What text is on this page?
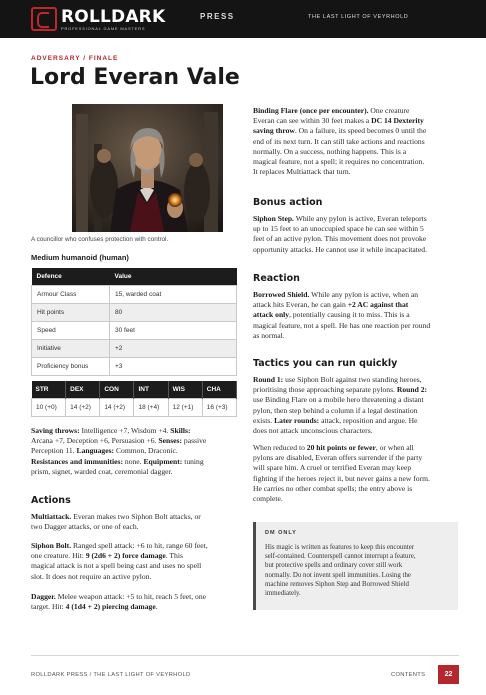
ROLLDARK
PROFESSIONAL GAME MASTERS
PRESS	THE LAST LIGHT OF VEYRHOLD
ADVERSARY / FINALE
Lord Everan Vale
A councillor who confuses protection with control.
Medium humanoid (human)
Defence	Value
Armour Class	15, warded coat
Hit points	80
Speed	30 feet
Initiative	+2
Proficiency bonus	+3
STR	DEX	CON	INT	WIS	CHA
10 (+0)	14 (+2)	14 (+2)	18 (+4)	12 (+1)	16 (+3)
Saving throws: Intelligence +7, Wisdom +4. Skills:
Arcana +7, Deception +6, Persuasion +6. Senses: passive
Perception 11. Languages: Common, Draconic.
Resistances and immunities: none. Equipment: tuning
prism, signet, warded coat, ceremonial dagger.
Actions
Multiattack. Everan makes two Siphon Bolt attacks, or
two Dagger attacks, or one of each.
Siphon Bolt. Ranged spell attack: +6 to hit, range 60 feet,
one creature. Hit: 9 (2d6 + 2) force damage. This
magical attack is not a spell being cast and uses no spell
slot. It does not require an active pylon.
Dagger. Melee weapon attack: +5 to hit, reach 5 feet, one
target. Hit: 4 (1d4 + 2) piercing damage.
Binding Flare (once per encounter). One creature
Everan can see within 30 feet makes a DC 14 Dexterity
saving throw. On a failure, its speed becomes 0 until the
end of its next turn. It can still take actions and reactions
normally. On a success, nothing happens. This is a
magical feature, not a spell; it requires no concentration.
It replaces Multiattack that turn.
Bonus action
Siphon Step. While any pylon is active, Everan teleports
up to 15 feet to an unoccupied space he can see within 5
feet of an active pylon. This movement does not provoke
opportunity attacks. He cannot use it while incapacitated.
Reaction
Borrowed Shield. While any pylon is active, when an
attack hits Everan, he can gain +2 AC against that
attack only, potentially causing it to miss. This is a
magical feature, not a spell. He has one reaction per round
as normal.
Tactics you can run quickly
Round 1: use Siphon Bolt against two standing heroes,
prioritising those approaching separate pylons. Round 2:
use Binding Flare on a mobile hero threatening a distant
pylon, then step behind a column if a legal destination
exists. Later rounds: attack, reposition and argue. He
does not attack unconscious characters.
When reduced to 20 hit points or fewer, or when all
pylons are disabled, Everan offers surrender if the party
will spare him. A cruel or terrified Everan may keep
fighting if the heroes reject it, but never gains a new form.
He carries no other combat spells; the entry above is
complete.
DM ONLY
His magic is written as features to keep this encounter
self-contained. Counterspell cannot interrupt a feature,
but protective spells and ordinary cover still work
normally. Do not invent spell immunities. Losing the
machine removes Siphon Step and Borrowed Shield
immediately.
ROLLDARK PRESS / THE LAST LIGHT OF VEYRHOLD	CONTENTS	22
